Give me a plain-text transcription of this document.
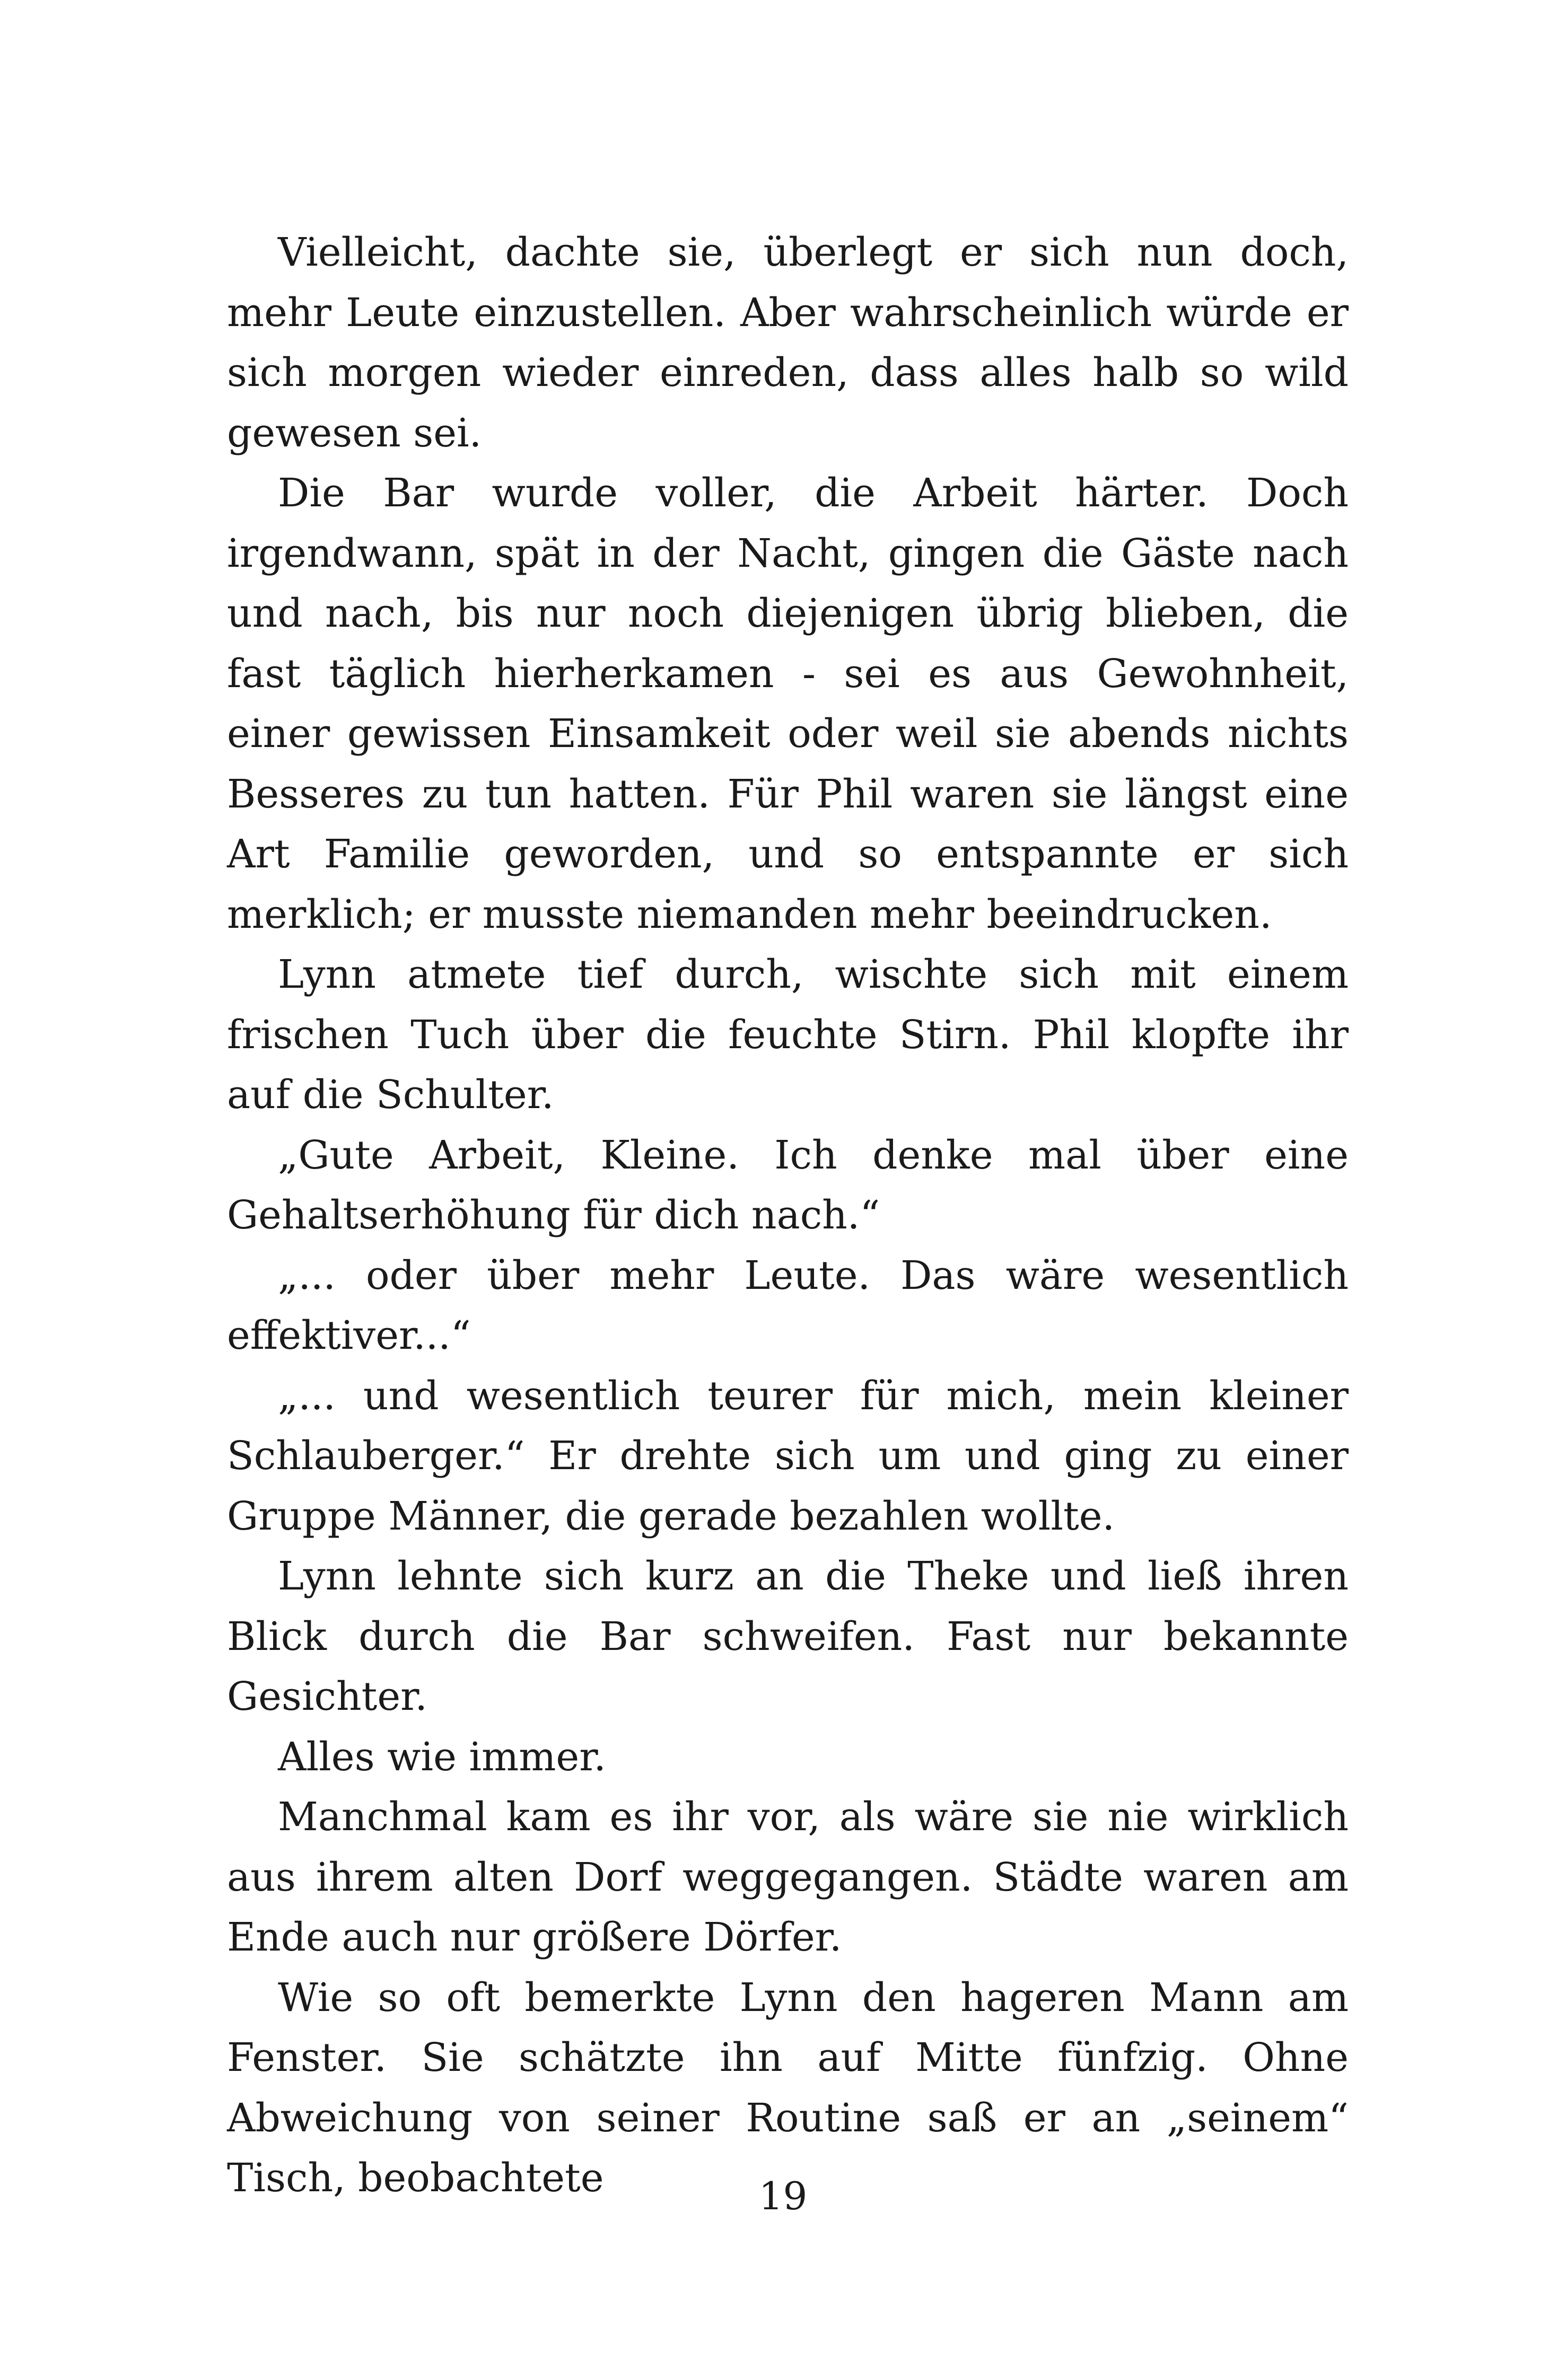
Vielleicht, dachte sie, überlegt er sich nun doch, mehr Leute einzustellen. Aber wahrscheinlich würde er sich morgen wieder einreden, dass alles halb so wild gewesen sei.

Die Bar wurde voller, die Arbeit härter. Doch irgendwann, spät in der Nacht, gingen die Gäste nach und nach, bis nur noch diejenigen übrig blieben, die fast täglich hierherkamen - sei es aus Gewohnheit, einer gewissen Einsamkeit oder weil sie abends nichts Besseres zu tun hatten. Für Phil waren sie längst eine Art Familie geworden, und so entspannte er sich merklich; er musste niemanden mehr beeindrucken.

Lynn atmete tief durch, wischte sich mit einem frischen Tuch über die feuchte Stirn. Phil klopfte ihr auf die Schulter.

„Gute Arbeit, Kleine. Ich denke mal über eine Gehaltserhöhung für dich nach.“

„... oder über mehr Leute. Das wäre wesentlich effektiver...“

„... und wesentlich teurer für mich, mein kleiner Schlauberger.“ Er drehte sich um und ging zu einer Gruppe Männer, die gerade bezahlen wollte.

Lynn lehnte sich kurz an die Theke und ließ ihren Blick durch die Bar schweifen. Fast nur bekannte Gesichter.

Alles wie immer.

Manchmal kam es ihr vor, als wäre sie nie wirklich aus ihrem alten Dorf weggegangen. Städte waren am Ende auch nur größere Dörfer.

Wie so oft bemerkte Lynn den hageren Mann am Fenster. Sie schätzte ihn auf Mitte fünfzig. Ohne Abweichung von seiner Routine saß er an „seinem“ Tisch, beobachtete	19
